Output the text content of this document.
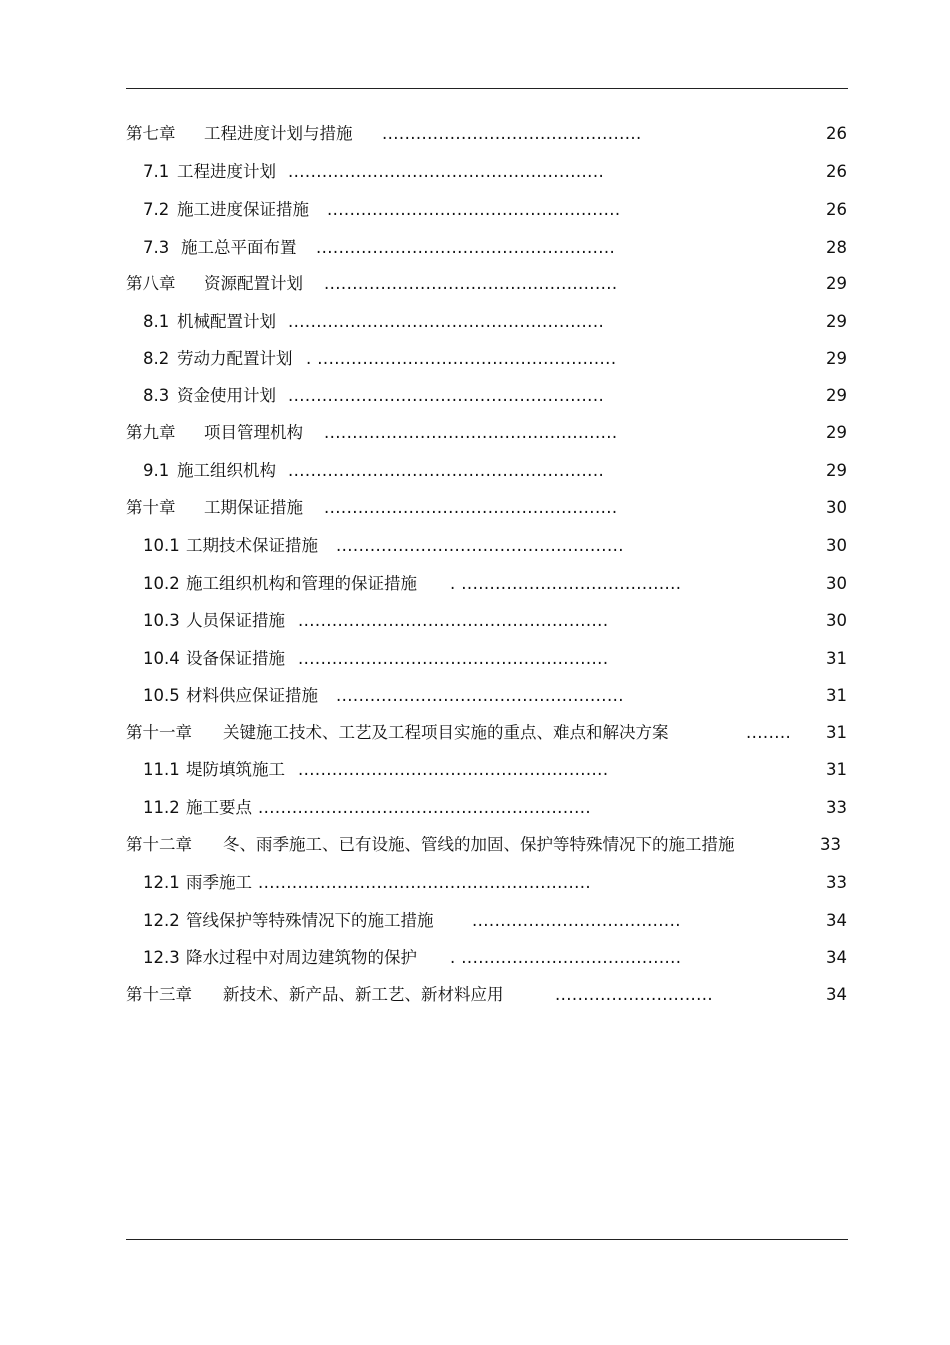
第七章 工程进度计划与措施 ..............................................	26
7.1 工程进度计划 ........................................................	26
7.2 施工进度保证措施 ....................................................	26
7.3 施工总平面布置 .....................................................	28
第八章 资源配置计划 ....................................................	29
8.1 机械配置计划 ........................................................	29
8.2 劳动力配置计划 . .....................................................	29
8.3 资金使用计划 ........................................................	29
第九章 项目管理机构 ....................................................	29
9.1 施工组织机构 ........................................................	29
第十章 工期保证措施 ....................................................	30
10.1 工期技术保证措施 ...................................................	30
10.2 施工组织机构和管理的保证措施 . .......................................	30
10.3 人员保证措施 .......................................................	30
10.4 设备保证措施 .......................................................	31
10.5 材料供应保证措施 ...................................................	31
第十一章 关键施工技术、工艺及工程项目实施的重点、难点和解决方案	........ 31
11.1 堤防填筑施工 .......................................................	31
11.2 施工要点 ...........................................................	33
第十二章 冬、雨季施工、已有设施、管线的加固、保护等特殊情况下的施工措施	33
12.1 雨季施工 ...........................................................	33
12.2 管线保护等特殊情况下的施工措施 .....................................	34
12.3 降水过程中对周边建筑物的保护 . .......................................	34
第十三章 新技术、新产品、新工艺、新材料应用	............................	34
